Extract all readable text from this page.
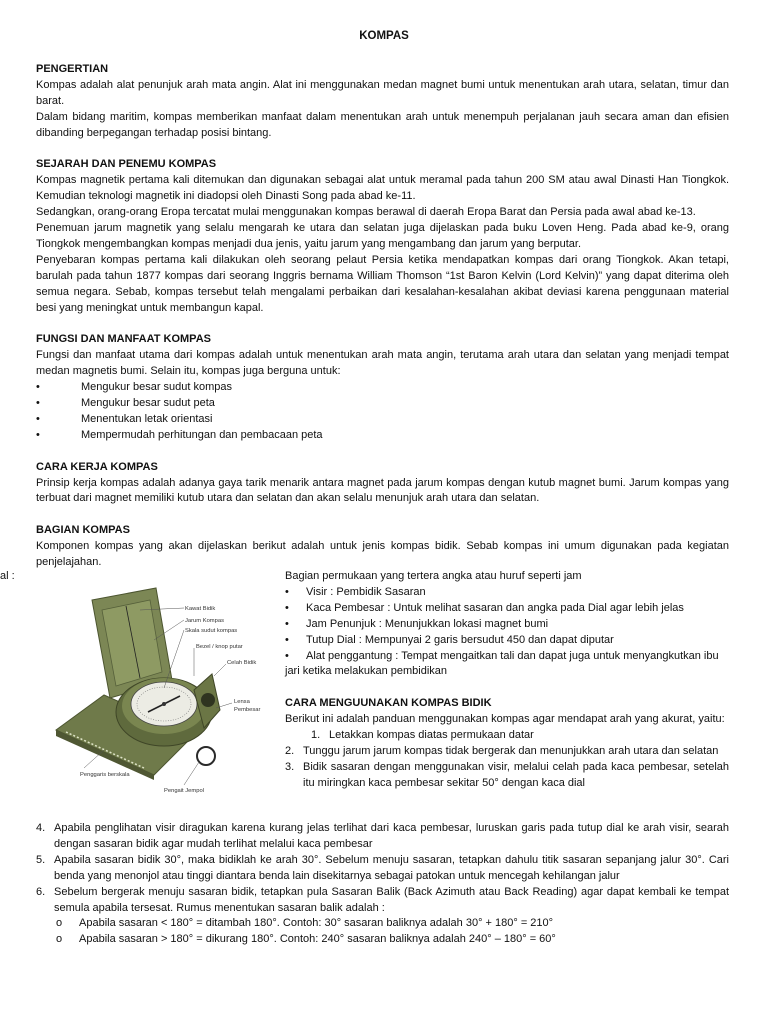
KOMPAS
PENGERTIAN

Kompas adalah alat penunjuk arah mata angin. Alat ini menggunakan medan magnet bumi untuk menentukan arah utara, selatan, timur dan barat.

Dalam bidang maritim, kompas memberikan manfaat dalam menentukan arah untuk menempuh perjalanan jauh secara aman dan efisien dibanding berpegangan terhadap posisi bintang.

SEJARAH DAN PENEMU KOMPAS

Kompas magnetik pertama kali ditemukan dan digunakan sebagai alat untuk meramal pada tahun 200 SM atau awal Dinasti Han Tiongkok. Kemudian teknologi magnetik ini diadopsi oleh Dinasti Song pada abad ke-11.

Sedangkan, orang-orang Eropa tercatat mulai menggunakan kompas berawal di daerah Eropa Barat dan Persia pada awal abad ke-13.

Penemuan jarum magnetik yang selalu mengarah ke utara dan selatan juga dijelaskan pada buku Loven Heng. Pada abad ke-9, orang Tiongkok mengembangkan kompas menjadi dua jenis, yaitu jarum yang mengambang dan jarum yang berputar.

Penyebaran kompas pertama kali dilakukan oleh seorang pelaut Persia ketika mendapatkan kompas dari orang Tiongkok. Akan tetapi, barulah pada tahun 1877 kompas dari seorang Inggris bernama William Thomson “1st Baron Kelvin (Lord Kelvin)” yang dapat diterima oleh semua negara. Sebab, kompas tersebut telah mengalami perbaikan dari kesalahan-kesalahan akibat deviasi karena penggunaan material besi yang meningkat untuk membangun kapal.

FUNGSI DAN MANFAAT KOMPAS

Fungsi dan manfaat utama dari kompas adalah untuk menentukan arah mata angin, terutama arah utara dan selatan yang menjadi tempat medan magnetis bumi. Selain itu, kompas juga berguna untuk:

•	Mengukur besar sudut kompas
•	Mengukur besar sudut peta
•	Menentukan letak orientasi
•	Mempermudah perhitungan dan pembacaan peta
CARA KERJA KOMPAS

Prinsip kerja kompas adalah adanya gaya tarik menarik antara magnet pada jarum kompas dengan kutub magnet bumi. Jarum kompas yang terbuat dari magnet memiliki kutub utara dan selatan dan akan selalu menunjuk arah utara dan selatan.

BAGIAN KOMPAS

Komponen kompas yang akan dijelaskan berikut adalah untuk jenis kompas bidik. Sebab kompas ini umum digunakan pada kegiatan penjelajahan.

al :
Kawat Bidik
Jarum Kompas
Skala sudut kompas
Bezel / knop putar
Celah Bidik
Lensa
Pembesar
Penggaris berskala
Pengait Jempol

Bagian permukaan yang tertera angka atau huruf seperti jam

•	Visir : Pembidik Sasaran
•	Kaca Pembesar : Untuk melihat sasaran dan angka pada Dial agar lebih jelas
•	Jam Penunjuk : Menunjukkan lokasi magnet bumi
•	Tutup Dial : Mempunyai 2 garis bersudut 450 dan dapat diputar
• Alat penggantung : Tempat mengaitkan tali dan dapat juga untuk menyangkutkan ibu jari ketika melakukan pembidikan
CARA MENGUUNAKAN KOMPAS BIDIK

Berikut ini adalah panduan menggunakan kompas agar mendapat arah yang akurat, yaitu:

1. Letakkan kompas diatas permukaan datar
2. Tunggu jarum jarum kompas tidak bergerak dan menunjukkan arah utara dan selatan
3. Bidik sasaran dengan menggunakan visir, melalui celah pada kaca pembesar, setelah itu miringkan kaca pembesar sekitar 50° dengan kaca dial
4. Apabila penglihatan visir diragukan karena kurang jelas terlihat dari kaca pembesar, luruskan garis pada tutup dial ke arah visir, searah dengan sasaran bidik agar mudah terlihat melalui kaca pembesar
5. Apabila sasaran bidik 30°, maka bidiklah ke arah 30°. Sebelum menuju sasaran, tetapkan dahulu titik sasaran sepanjang jalur 30°. Cari benda yang menonjol atau tinggi diantara benda lain disekitarnya sebagai patokan untuk mencegah kehilangan jalur
6. Sebelum bergerak menuju sasaran bidik, tetapkan pula Sasaran Balik (Back Azimuth atau Back Reading) agar dapat kembali ke tempat semula apabila tersesat. Rumus menentukan sasaran balik adalah :
o	Apabila sasaran < 180° = ditambah 180°. Contoh: 30° sasaran baliknya adalah 30° + 180° = 210°
o	Apabila sasaran > 180° = dikurang 180°. Contoh: 240° sasaran baliknya adalah 240° – 180° = 60°
